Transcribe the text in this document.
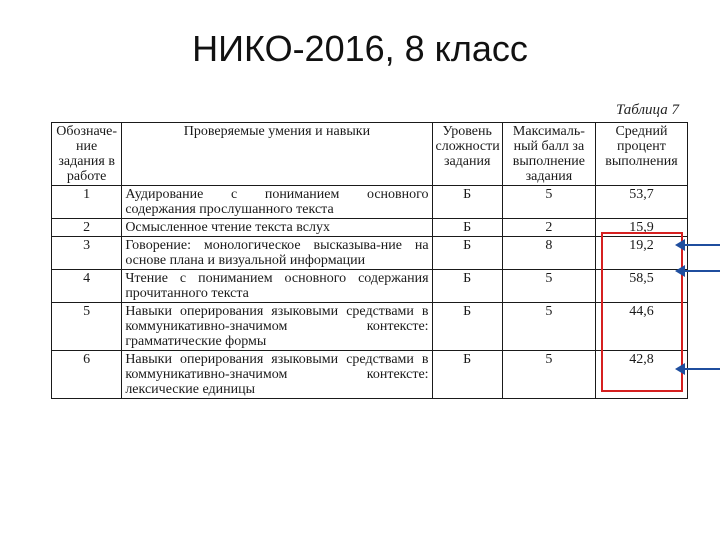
НИКО-2016, 8 класс
Таблица 7
Обозначе-ние задания в работе	Проверяемые умения и навыки	Уровень сложности задания	Максималь-ный балл за выполнение задания	Средний процент выполнения
1	Аудирование с пониманием основного содержания прослушанного текста	Б	5	53,7
2	Осмысленное чтение текста вслух	Б	2	15,9
3	Говорение: монологическое высказыва-ние на основе плана и визуальной информации	Б	8	19,2
4	Чтение с пониманием основного содержания прочитанного текста	Б	5	58,5
5	Навыки оперирования языковыми средствами в коммуникативно-значимом контексте: грамматические формы	Б	5	44,6
6	Навыки оперирования языковыми средствами в коммуникативно-значимом контексте: лексические единицы	Б	5	42,8
